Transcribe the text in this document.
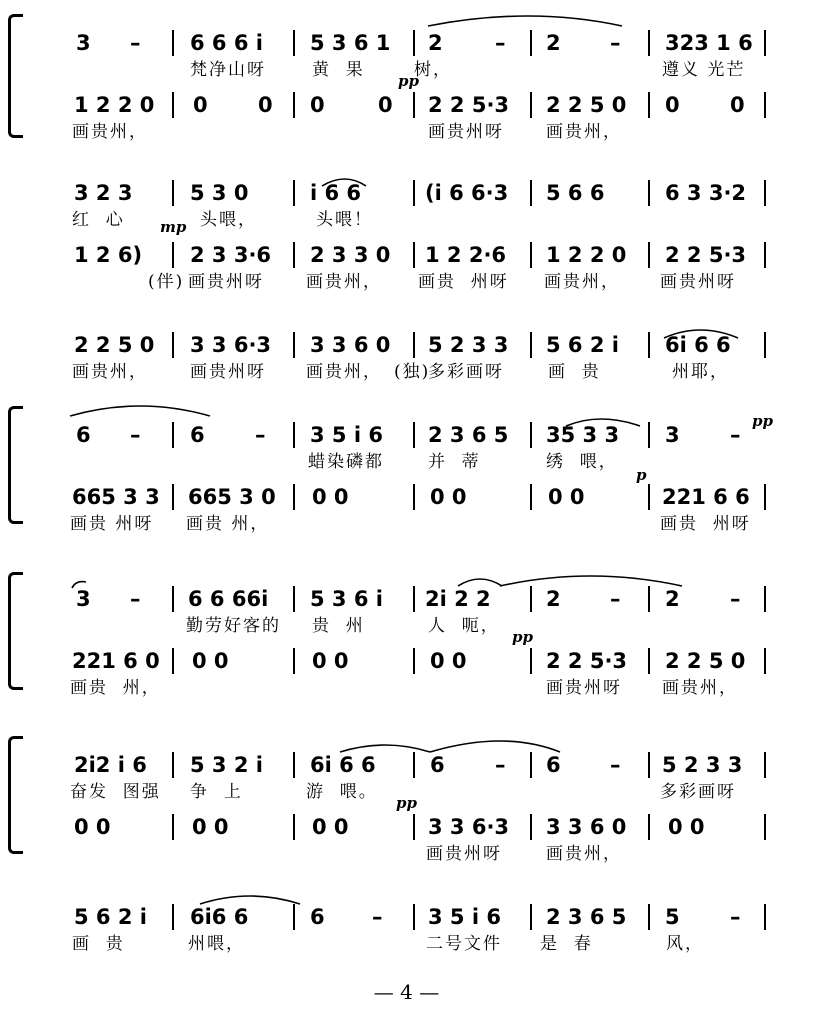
3 – 6 6 6 i 5 3 6 1 2 – 2 – 323 1 6
梵净山呀	黄  果	树，	遵义 光芒
pp
1 2 2 0 0 0 0	0 2 2 5·3 2 2 5 0 0 0
画贵州，	画贵州呀 画贵州，
3 2 3	5 3 0	i 6 6	(i 6 6·3 5 6 6	6 3 3·2
红  心	头喂，	头喂！
mp
1 2 6) 2 3 3·6 2 3 3 0 1 2 2·6 1 2 2 0 2 2 5·3
(伴) 画贵州呀 画贵州， 画贵  州呀 画贵州， 画贵州呀
2 2 5 0 3 3 6·3 3 3 6 0 5 2 3 3 5 6 2 i 6i 6 6
画贵州， 画贵州呀 画贵州， (独)
多彩画呀	画  贵	州耶，
6 – 6 – 3 5 i 6 2 3 6 5 35 3 3 3 –
蜡染磷都	并  蒂	绣  喂，
pp
p
665 3 3 665 3 0 0 0	0 0	0 0	221 6 6
画贵 州呀 画贵 州，	画贵  州呀
3 – 6 6 66i 5 3 6 i 2i 2 2	2 – 2 –
勤劳好客的 贵  州	人  呃，
pp
221 6 0 0 0	0 0	0 0	2 2 5·3 2 2 5 0
画贵  州，	画贵州呀 画贵州，
2i2 i 6 5 3 2 i 6i 6 6	6 – 6 – 5 2 3 3
奋发  图强 争  上	游  喂。	多彩画呀
pp
0 0	0 0	0 0	3 3 6·3 3 3 6 0 0 0
画贵州呀	画贵州，
5 6 2 i 6i6 6	6 – 3 5 i 6 2 3 6 5 5 –
画  贵	州喂，	二号文件 是  春	风，
— 4 —
